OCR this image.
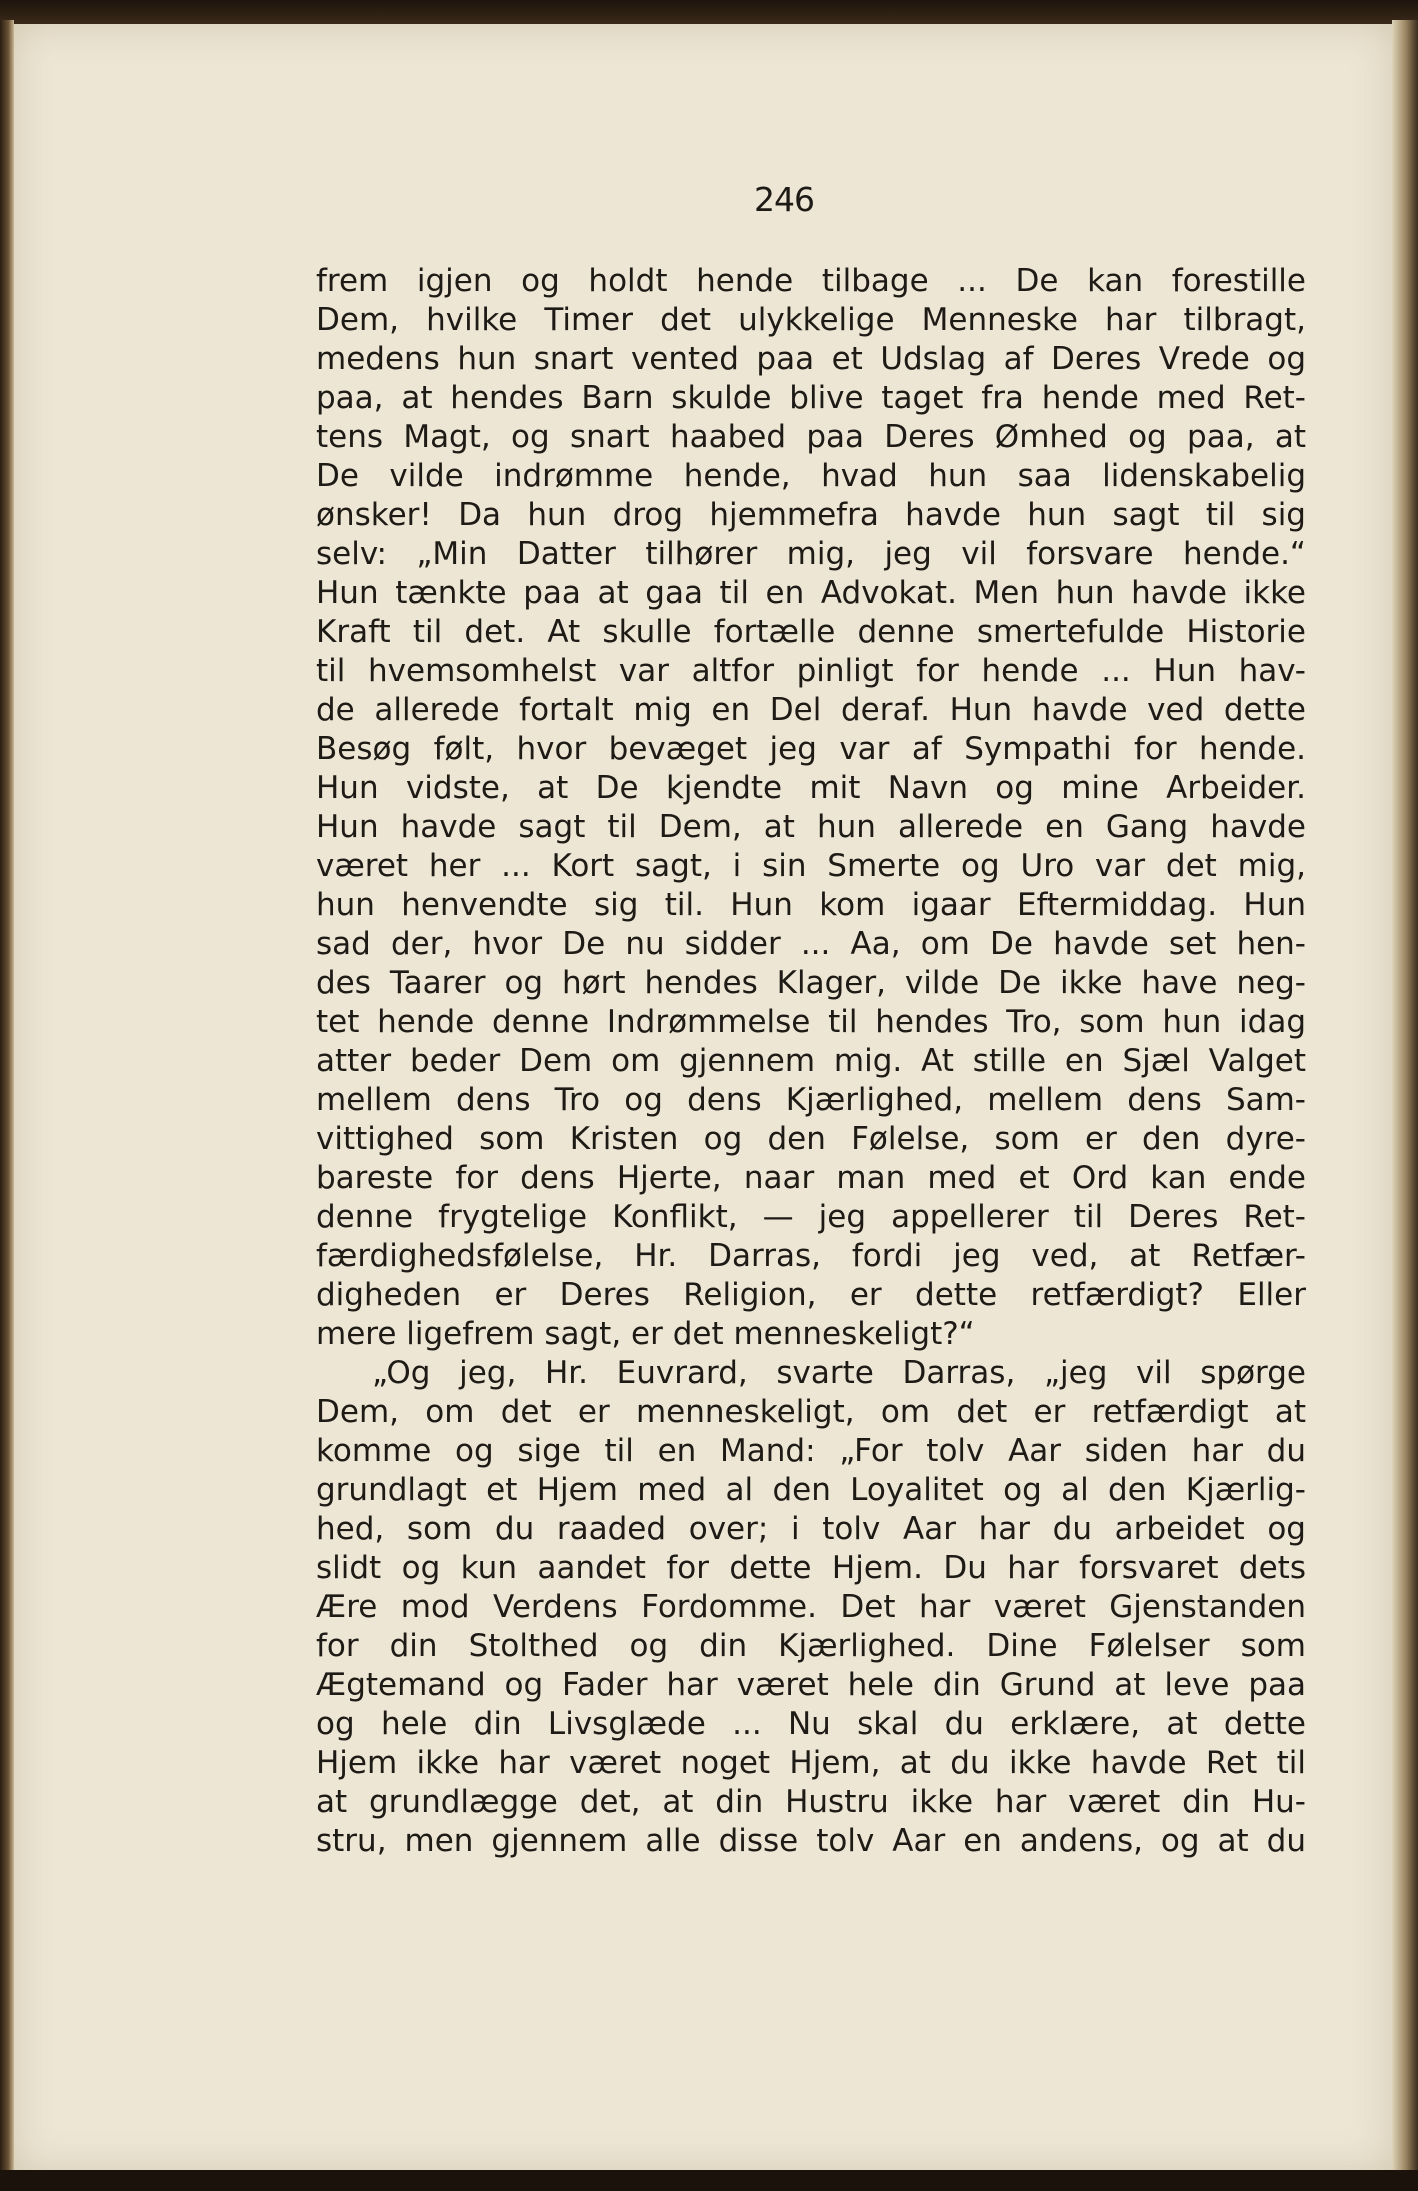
246

frem igjen og holdt hende tilbage ... De kan forestille
Dem, hvilke Timer det ulykkelige Menneske har tilbragt,
medens hun snart vented paa et Udslag af Deres Vrede og
paa, at hendes Barn skulde blive taget fra hende med Ret-
tens Magt, og snart haabed paa Deres Ømhed og paa, at
De vilde indrømme hende, hvad hun saa lidenskabelig
ønsker! Da hun drog hjemmefra havde hun sagt til sig
selv: „Min Datter tilhører mig, jeg vil forsvare hende.“
Hun tænkte paa at gaa til en Advokat. Men hun havde ikke
Kraft til det. At skulle fortælle denne smertefulde Historie
til hvemsomhelst var altfor pinligt for hende ... Hun hav-
de allerede fortalt mig en Del deraf. Hun havde ved dette
Besøg følt, hvor bevæget jeg var af Sympathi for hende.
Hun vidste, at De kjendte mit Navn og mine Arbeider.
Hun havde sagt til Dem, at hun allerede en Gang havde
været her ... Kort sagt, i sin Smerte og Uro var det mig,
hun henvendte sig til. Hun kom igaar Eftermiddag. Hun
sad der, hvor De nu sidder ... Aa, om De havde set hen-
des Taarer og hørt hendes Klager, vilde De ikke have neg-
tet hende denne Indrømmelse til hendes Tro, som hun idag
atter beder Dem om gjennem mig. At stille en Sjæl Valget
mellem dens Tro og dens Kjærlighed, mellem dens Sam-
vittighed som Kristen og den Følelse, som er den dyre-
bareste for dens Hjerte, naar man med et Ord kan ende
denne frygtelige Konflikt, — jeg appellerer til Deres Ret-
færdighedsfølelse, Hr. Darras, fordi jeg ved, at Retfær-
digheden er Deres Religion, er dette retfærdigt? Eller
mere ligefrem sagt, er det menneskeligt?“
„Og jeg, Hr. Euvrard, svarte Darras, „jeg vil spørge
Dem, om det er menneskeligt, om det er retfærdigt at
komme og sige til en Mand: „For tolv Aar siden har du
grundlagt et Hjem med al den Loyalitet og al den Kjærlig-
hed, som du raaded over; i tolv Aar har du arbeidet og
slidt og kun aandet for dette Hjem. Du har forsvaret dets
Ære mod Verdens Fordomme. Det har været Gjenstanden
for din Stolthed og din Kjærlighed. Dine Følelser som
Ægtemand og Fader har været hele din Grund at leve paa
og hele din Livsglæde ... Nu skal du erklære, at dette
Hjem ikke har været noget Hjem, at du ikke havde Ret til
at grundlægge det, at din Hustru ikke har været din Hu-
stru, men gjennem alle disse tolv Aar en andens, og at du
